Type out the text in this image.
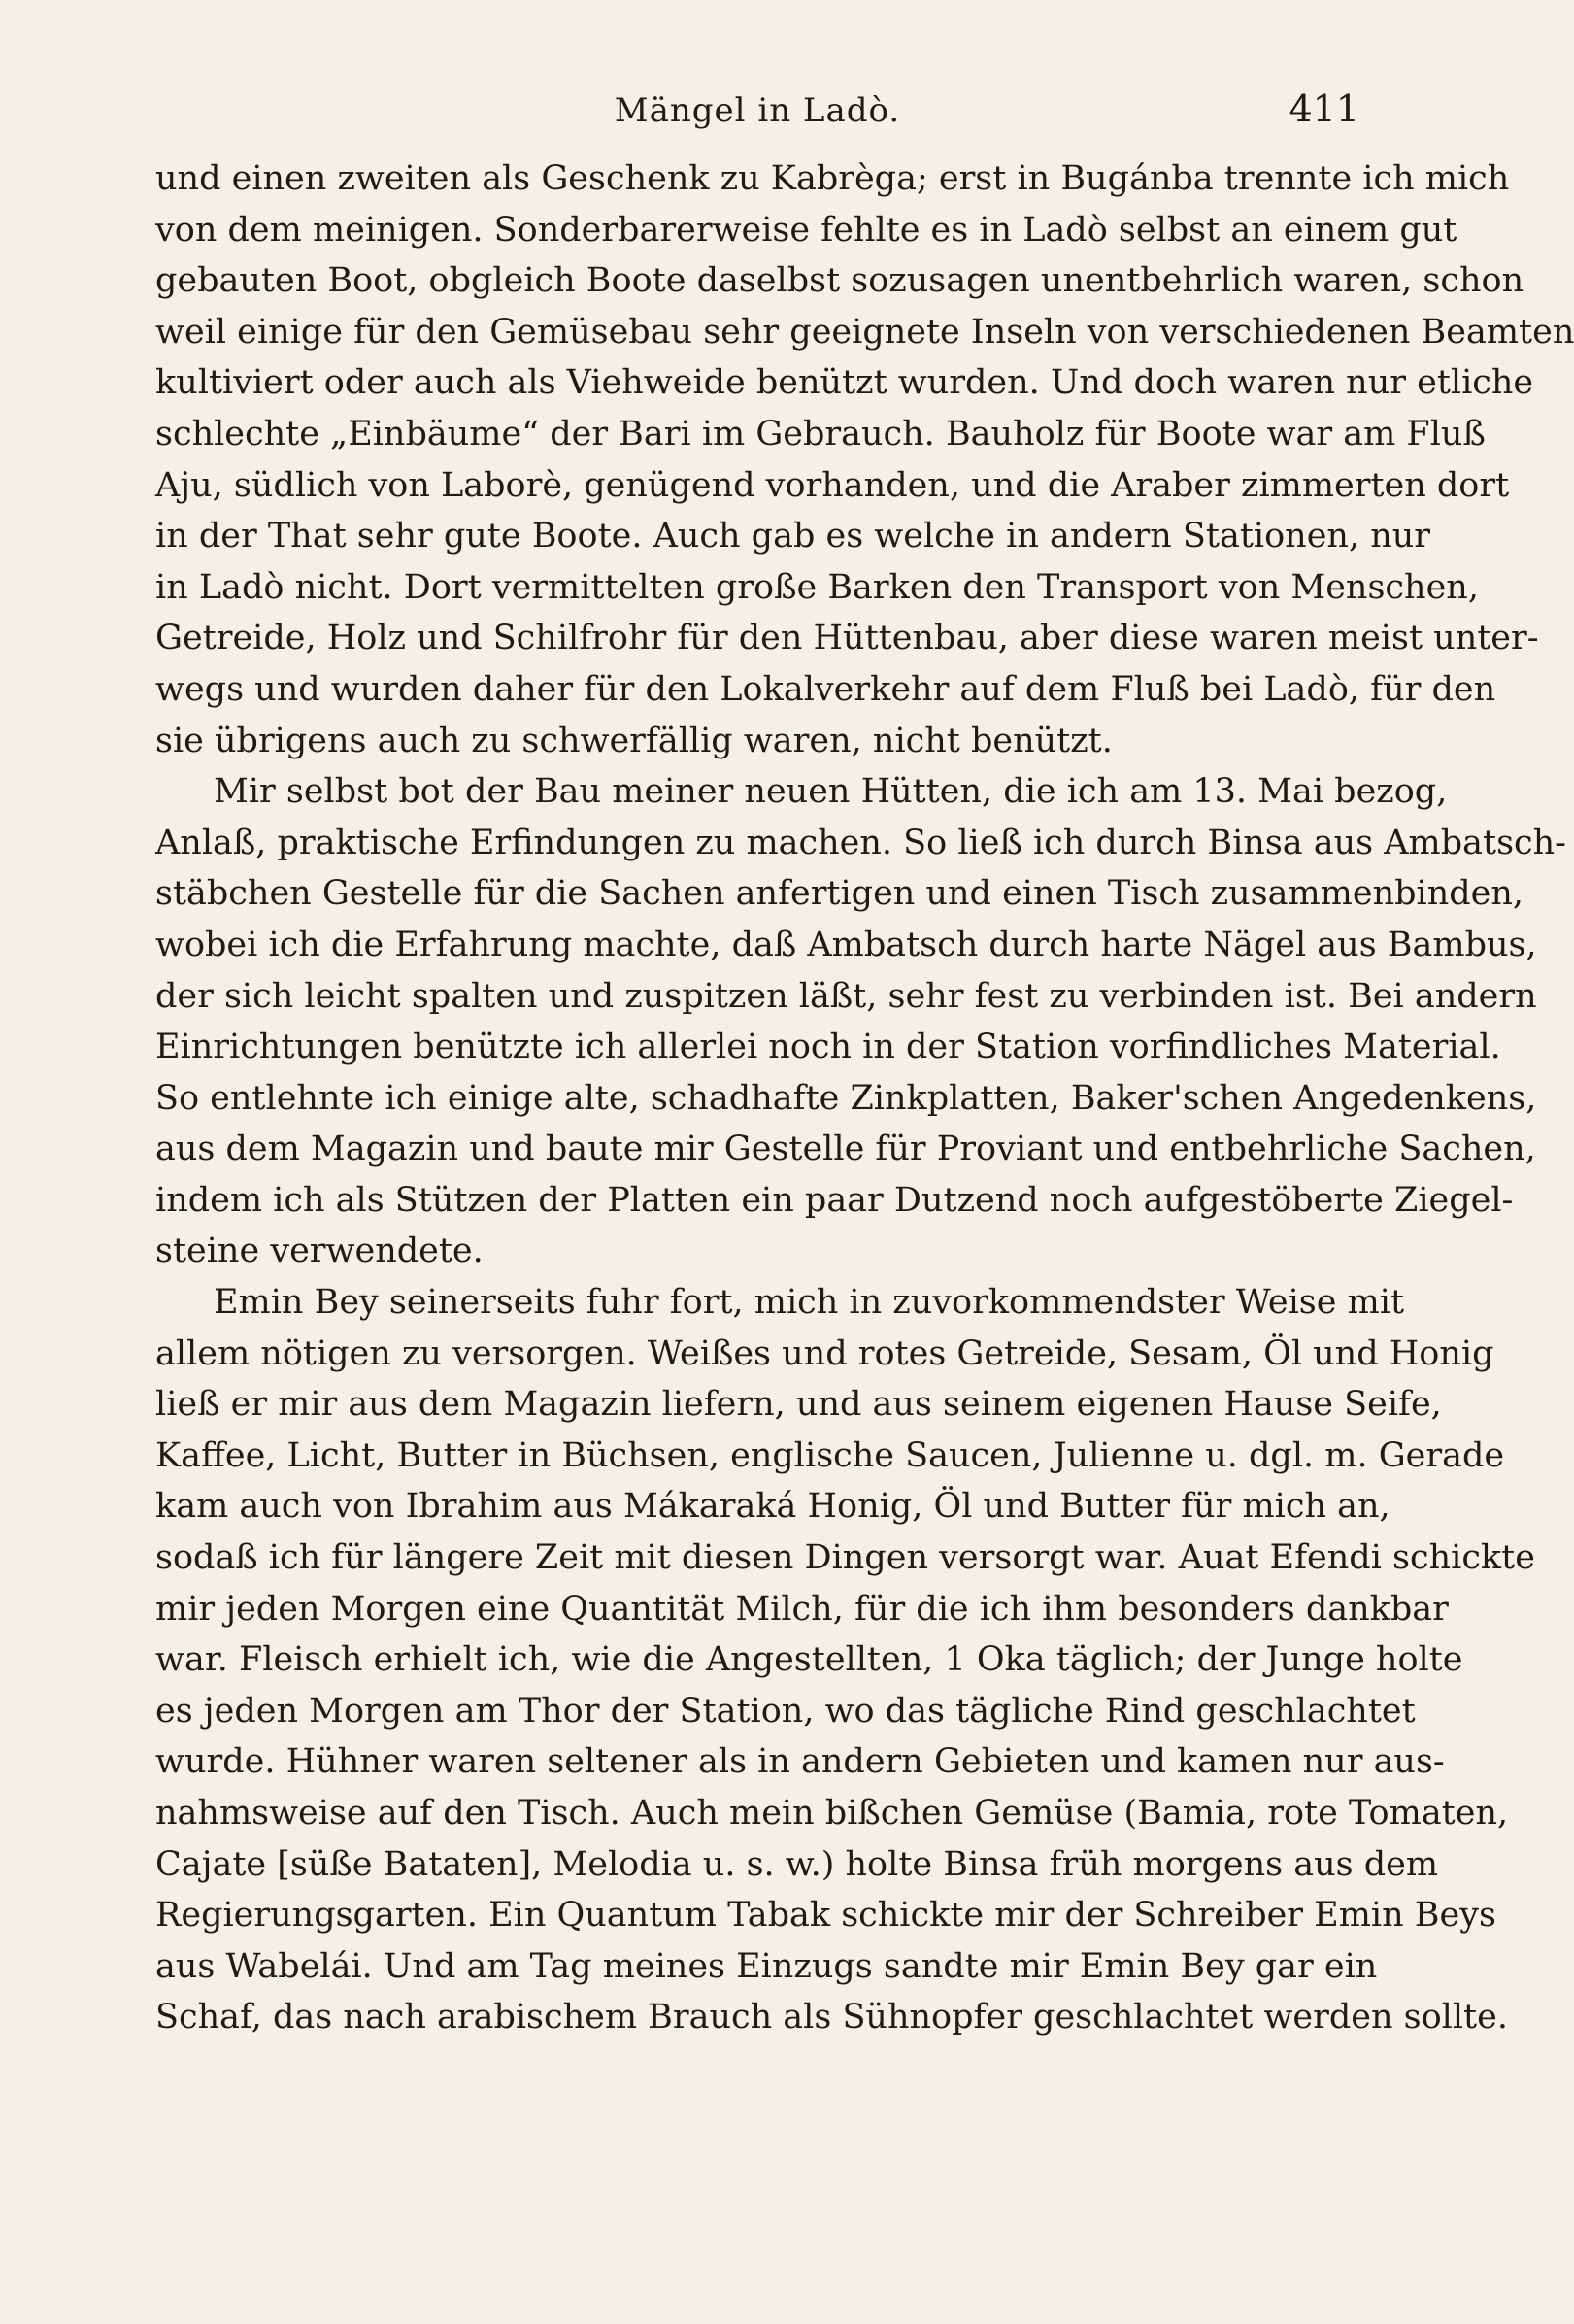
Mängel in Ladò.	411
und einen zweiten als Geschenk zu Kabrèga; erst in Bugánba trennte ich mich
von dem meinigen. Sonderbarerweise fehlte es in Ladò selbst an einem gut
gebauten Boot, obgleich Boote daselbst sozusagen unentbehrlich waren, schon
weil einige für den Gemüsebau sehr geeignete Inseln von verschiedenen Beamten
kultiviert oder auch als Viehweide benützt wurden. Und doch waren nur etliche
schlechte „Einbäume“ der Bari im Gebrauch. Bauholz für Boote war am Fluß
Aju, südlich von Laborè, genügend vorhanden, und die Araber zimmerten dort
in der That sehr gute Boote. Auch gab es welche in andern Stationen, nur
in Ladò nicht. Dort vermittelten große Barken den Transport von Menschen,
Getreide, Holz und Schilfrohr für den Hüttenbau, aber diese waren meist unter-
wegs und wurden daher für den Lokalverkehr auf dem Fluß bei Ladò, für den
sie übrigens auch zu schwerfällig waren, nicht benützt.
Mir selbst bot der Bau meiner neuen Hütten, die ich am 13. Mai bezog,
Anlaß, praktische Erfindungen zu machen. So ließ ich durch Binsa aus Ambatsch-
stäbchen Gestelle für die Sachen anfertigen und einen Tisch zusammenbinden,
wobei ich die Erfahrung machte, daß Ambatsch durch harte Nägel aus Bambus,
der sich leicht spalten und zuspitzen läßt, sehr fest zu verbinden ist. Bei andern
Einrichtungen benützte ich allerlei noch in der Station vorfindliches Material.
So entlehnte ich einige alte, schadhafte Zinkplatten, Baker'schen Angedenkens,
aus dem Magazin und baute mir Gestelle für Proviant und entbehrliche Sachen,
indem ich als Stützen der Platten ein paar Dutzend noch aufgestöberte Ziegel-
steine verwendete.
Emin Bey seinerseits fuhr fort, mich in zuvorkommendster Weise mit
allem nötigen zu versorgen. Weißes und rotes Getreide, Sesam, Öl und Honig
ließ er mir aus dem Magazin liefern, und aus seinem eigenen Hause Seife,
Kaffee, Licht, Butter in Büchsen, englische Saucen, Julienne u. dgl. m. Gerade
kam auch von Ibrahim aus Mákaraká Honig, Öl und Butter für mich an,
sodaß ich für längere Zeit mit diesen Dingen versorgt war. Auat Efendi schickte
mir jeden Morgen eine Quantität Milch, für die ich ihm besonders dankbar
war. Fleisch erhielt ich, wie die Angestellten, 1 Oka täglich; der Junge holte
es jeden Morgen am Thor der Station, wo das tägliche Rind geschlachtet
wurde. Hühner waren seltener als in andern Gebieten und kamen nur aus-
nahmsweise auf den Tisch. Auch mein bißchen Gemüse (Bamia, rote Tomaten,
Cajate [süße Bataten], Melodia u. s. w.) holte Binsa früh morgens aus dem
Regierungsgarten. Ein Quantum Tabak schickte mir der Schreiber Emin Beys
aus Wabelái. Und am Tag meines Einzugs sandte mir Emin Bey gar ein
Schaf, das nach arabischem Brauch als Sühnopfer geschlachtet werden sollte.
